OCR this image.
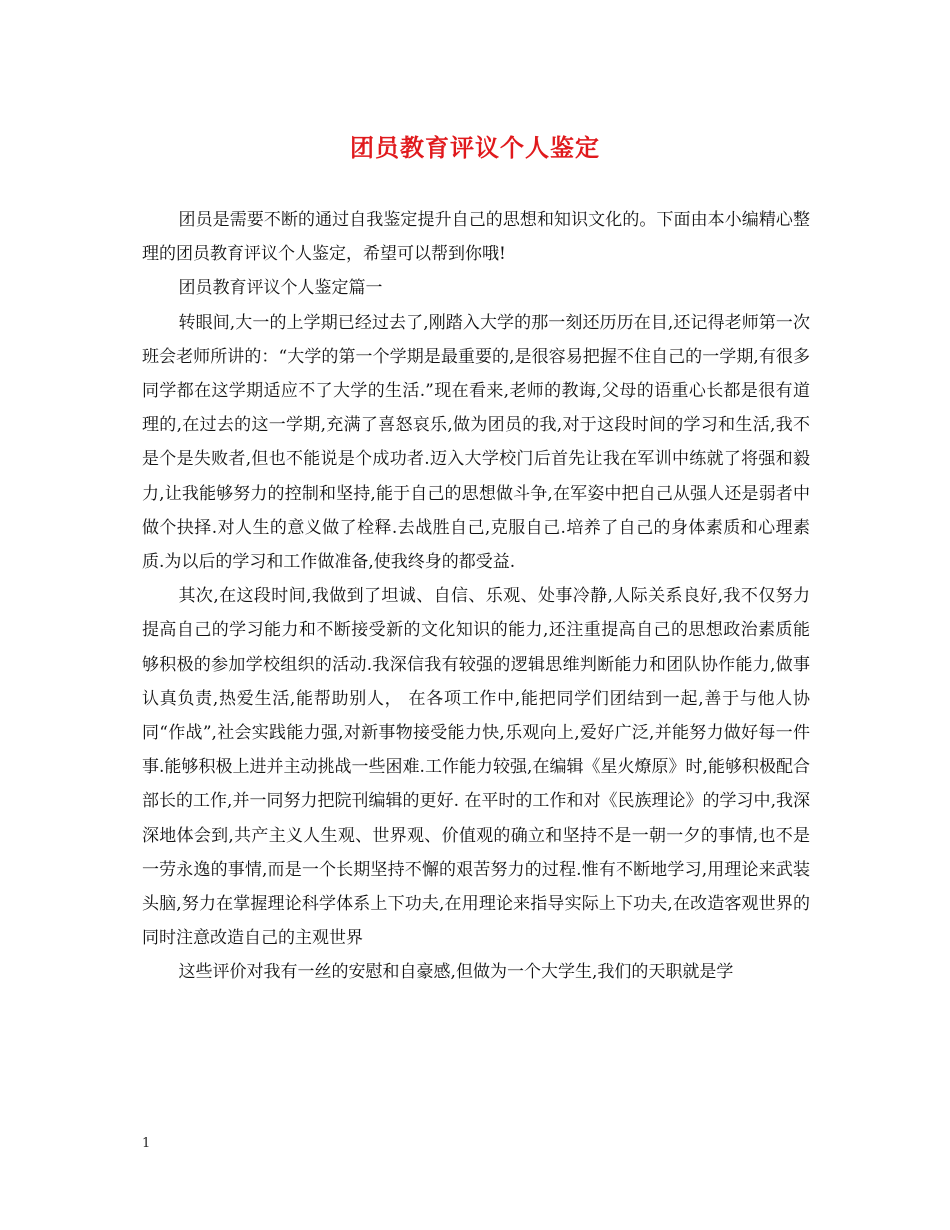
团员教育评议个人鉴定

团员是需要不断的通过自我鉴定提升自己的思想和知识文化的。下面由本小编精心整理的团员教育评议个人鉴定，希望可以帮到你哦!

团员教育评议个人鉴定篇一

转眼间,大一的上学期已经过去了,刚踏入大学的那一刻还历历在目,还记得老师第一次班会老师所讲的：“大学的第一个学期是最重要的,是很容易把握不住自己的一学期,有很多同学都在这学期适应不了大学的生活.”现在看来,老师的教诲,父母的语重心长都是很有道理的,在过去的这一学期,充满了喜怒哀乐,做为团员的我,对于这段时间的学习和生活,我不是个是失败者,但也不能说是个成功者.迈入大学校门后首先让我在军训中练就了将强和毅力,让我能够努力的控制和坚持,能于自己的思想做斗争,在军姿中把自己从强人还是弱者中做个抉择.对人生的意义做了栓释.去战胜自己,克服自己.培养了自己的身体素质和心理素质.为以后的学习和工作做准备,使我终身的都受益.

其次,在这段时间,我做到了坦诚、自信、乐观、处事冷静,人际关系良好,我不仅努力提高自己的学习能力和不断接受新的文化知识的能力,还注重提高自己的思想政治素质能够积极的参加学校组织的活动.我深信我有较强的逻辑思维判断能力和团队协作能力,做事认真负责,热爱生活,能帮助别人， 在各项工作中,能把同学们团结到一起,善于与他人协同“作战”,社会实践能力强,对新事物接受能力快,乐观向上,爱好广泛,并能努力做好每一件事.能够积极上进并主动挑战一些困难.工作能力较强,在编辑《星火燎原》时,能够积极配合部长的工作,并一同努力把院刊编辑的更好. 在平时的工作和对《民族理论》的学习中,我深深地体会到,共产主义人生观、世界观、价值观的确立和坚持不是一朝一夕的事情,也不是一劳永逸的事情,而是一个长期坚持不懈的艰苦努力的过程.惟有不断地学习,用理论来武装头脑,努力在掌握理论科学体系上下功夫,在用理论来指导实际上下功夫,在改造客观世界的同时注意改造自己的主观世界

这些评价对我有一丝的安慰和自豪感,但做为一个大学生,我们的天职就是学

1
